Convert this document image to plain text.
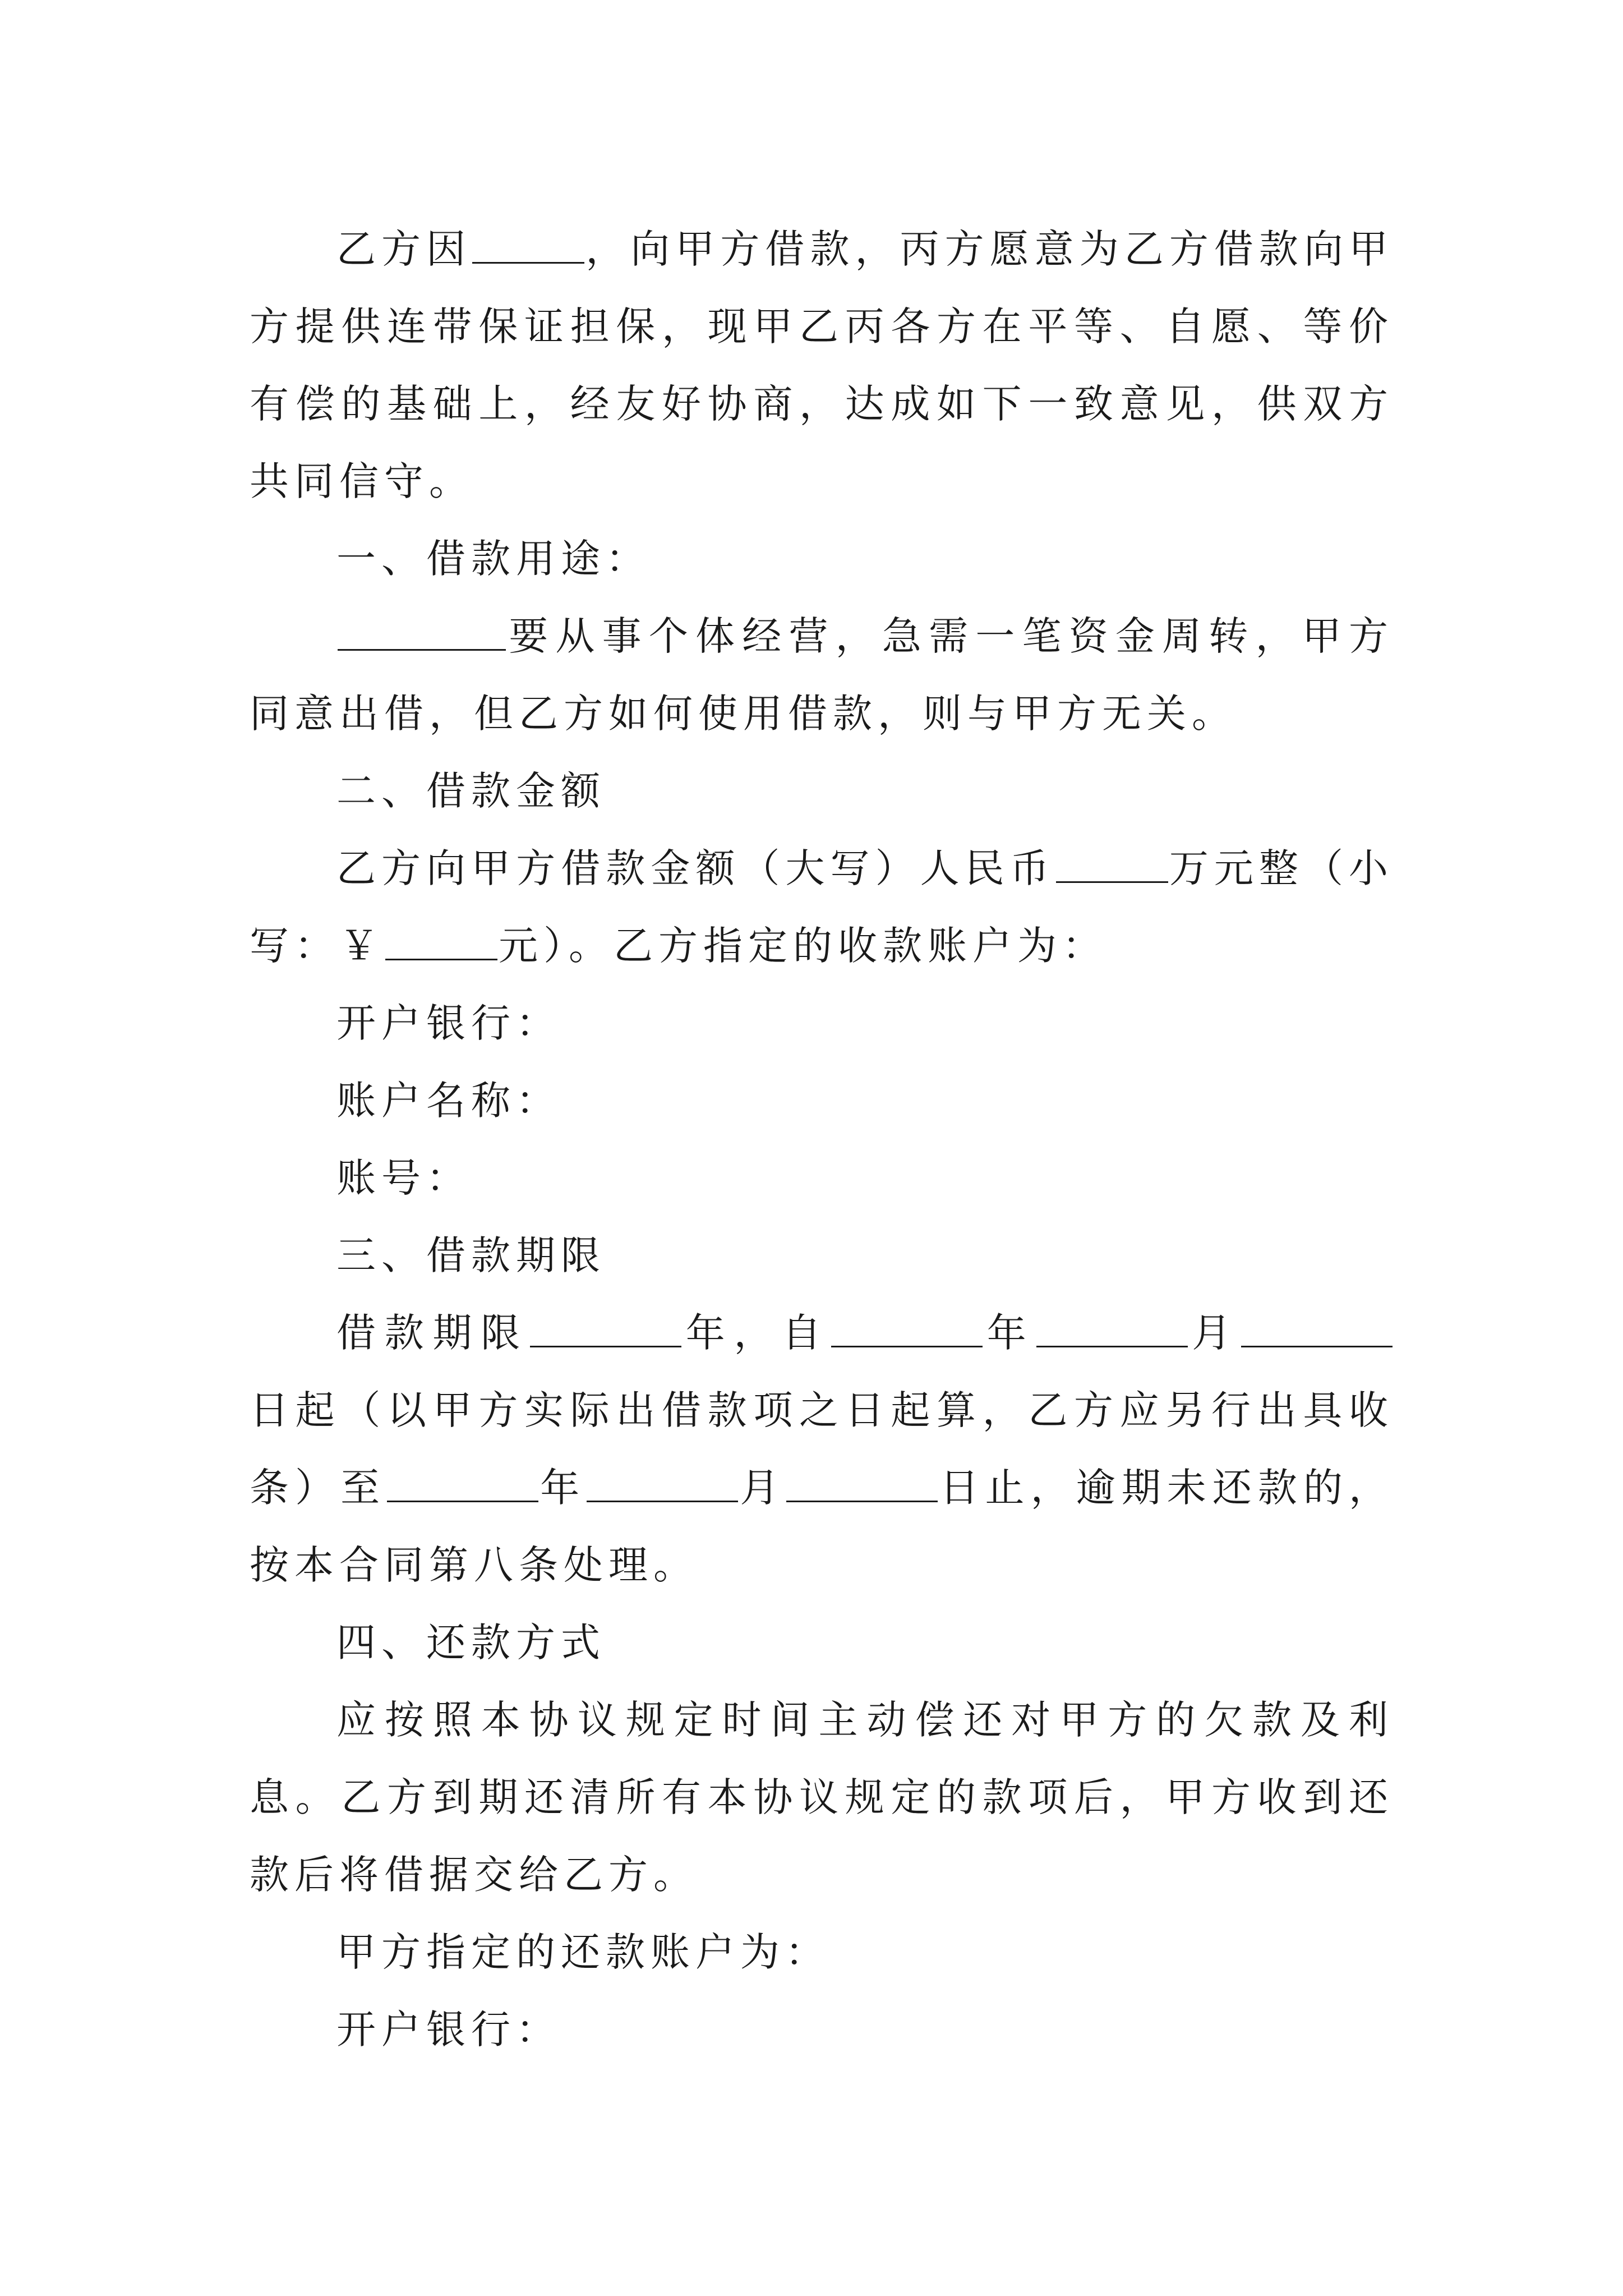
乙方因	，向甲方借款，丙方愿意为乙方借款向甲方提供连带保证担保，现甲乙丙各方在平等、自愿、等价有偿的基础上，经友好协商，达成如下一致意见，供双方共同信守。

一、借款用途：

要从事个体经营，急需一笔资金周转，甲方同意出借，但乙方如何使用借款，则与甲方无关。

二、借款金额

乙方向甲方借款金额（大写）人民币	万元整（小写：￥	元）。乙方指定的收款账户为：

开户银行：

账户名称：

账号：

三、借款期限

借款期限	年，自	年	月日起（以甲方实际出借款项之日起算，乙方应另行出具收条）至	年	月	日止，逾期未还款的，按本合同第八条处理。

四、还款方式

应按照本协议规定时间主动偿还对甲方的欠款及利息。乙方到期还清所有本协议规定的款项后，甲方收到还款后将借据交给乙方。

甲方指定的还款账户为：

开户银行：
